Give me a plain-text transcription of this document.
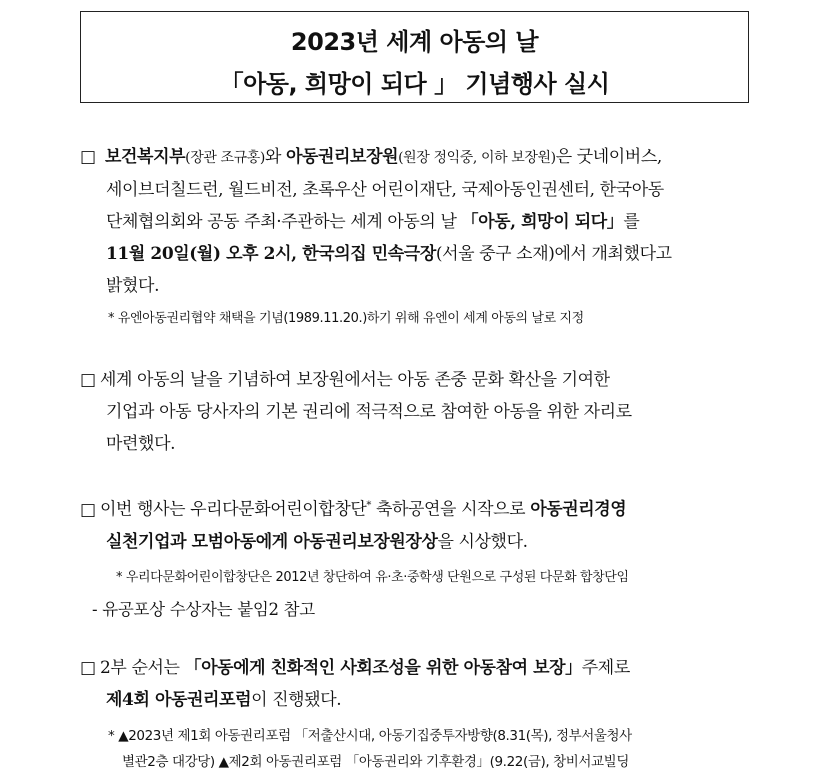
2023년 세계 아동의 날
「아동, 희망이 되다 」 기념행사 실시
□ 보건복지부(장관 조규홍)와 아동권리보장원(원장 정익중, 이하 보장원)은 굿네이버스,
세이브더칠드런, 월드비전, 초록우산 어린이재단, 국제아동인권센터, 한국아동
단체협의회와 공동 주최·주관하는 세계 아동의 날 「아동, 희망이 되다」를
11월 20일(월) 오후 2시, 한국의집 민속극장(서울 중구 소재)에서 개최했다고
밝혔다.
* 유엔아동권리협약 채택을 기념(1989.11.20.)하기 위해 유엔이 세계 아동의 날로 지정
□ 세계 아동의 날을 기념하여 보장원에서는 아동 존중 문화 확산을 기여한
기업과 아동 당사자의 기본 권리에 적극적으로 참여한 아동을 위한 자리로
마련했다.
□ 이번 행사는 우리다문화어린이합창단* 축하공연을 시작으로 아동권리경영
실천기업과 모범아동에게 아동권리보장원장상을 시상했다.
* 우리다문화어린이합창단은 2012년 창단하여 유·초·중학생 단원으로 구성된 다문화 합창단임
- 유공포상 수상자는 붙임2 참고
□ 2부 순서는 「아동에게 친화적인 사회조성을 위한 아동참여 보장」주제로
제4회 아동권리포럼이 진행됐다.
* ▲2023년 제1회 아동권리포럼 「저출산시대, 아동기집중투자방향(8.31(목), 정부서울청사
별관2층 대강당) ▲제2회 아동권리포럼 「아동권리와 기후환경」(9.22(금), 창비서교빌딩
